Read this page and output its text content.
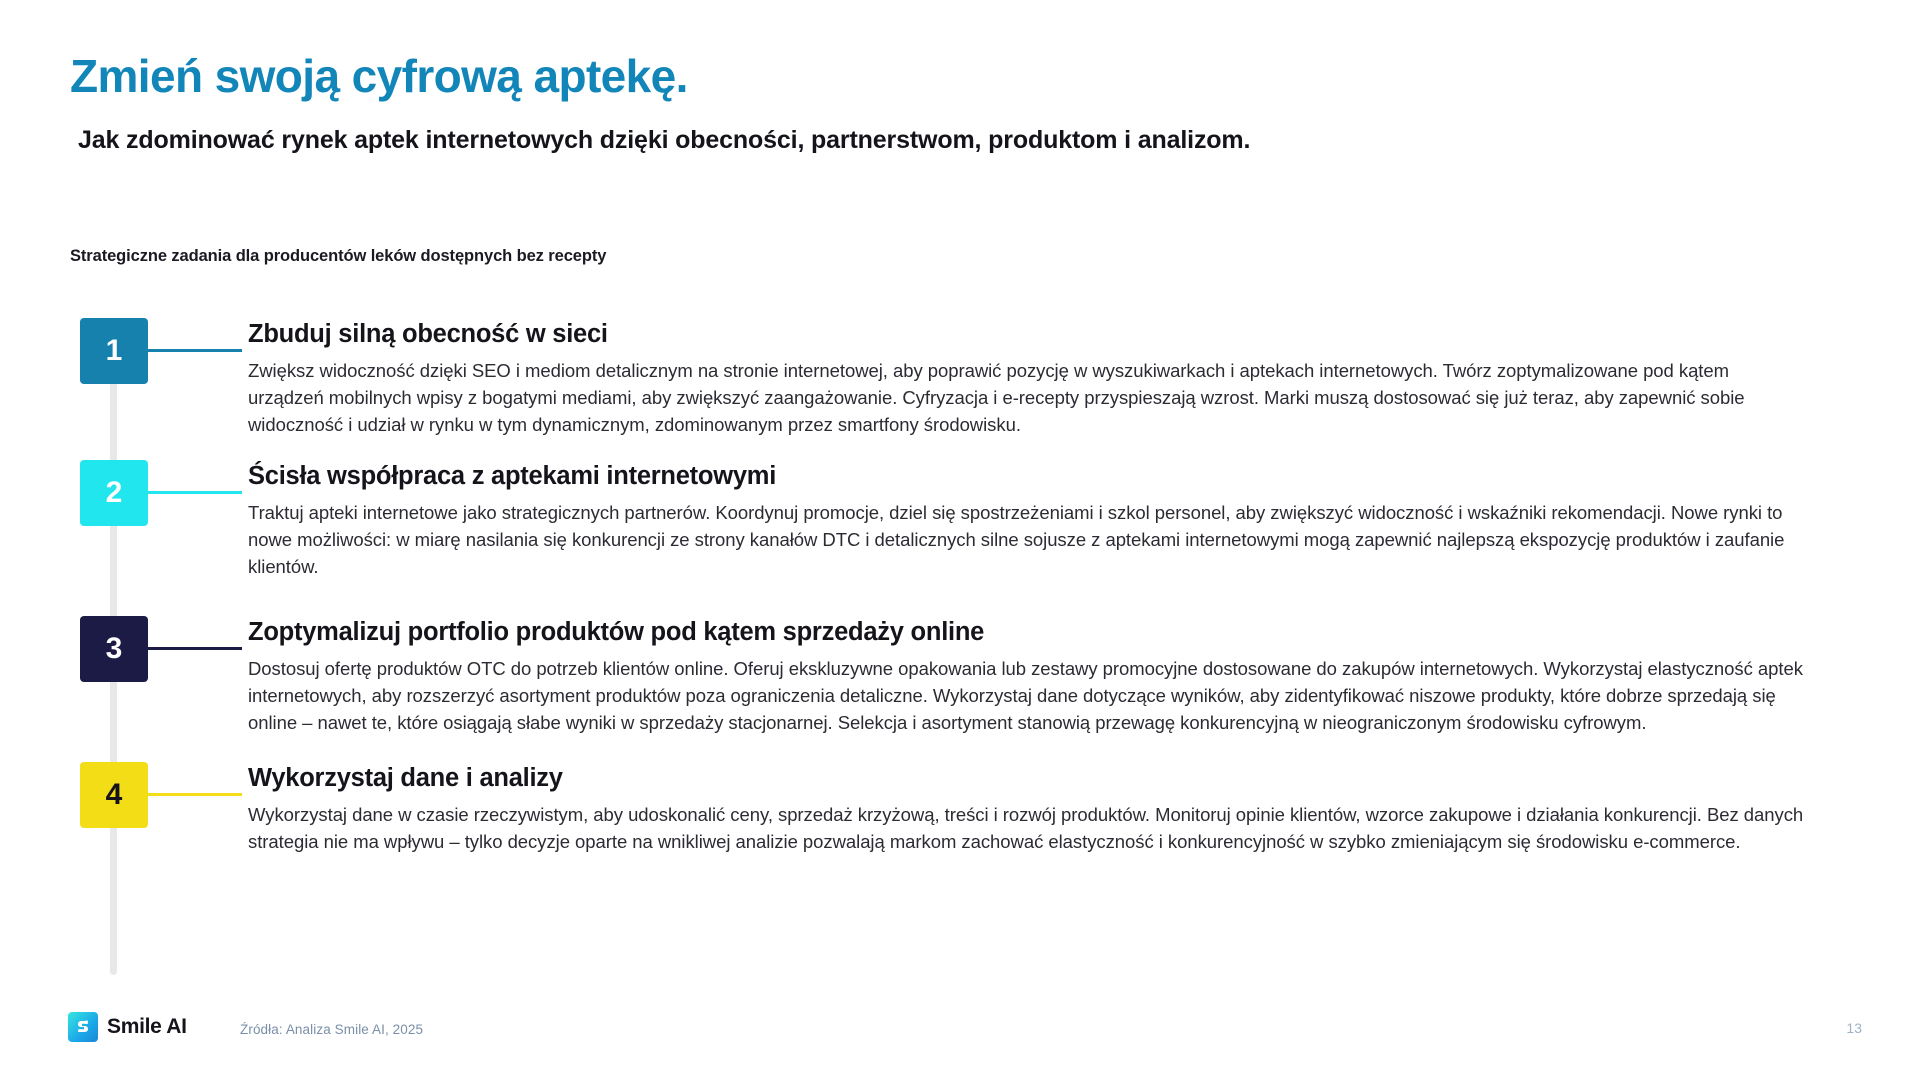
Zmień swoją cyfrową aptekę.
Jak zdominować rynek aptek internetowych dzięki obecności, partnerstwom, produktom i analizom.
Strategiczne zadania dla producentów leków dostępnych bez recepty
1	Zbuduj silną obecność w sieci

Zwiększ widoczność dzięki SEO i mediom detalicznym na stronie internetowej, aby poprawić pozycję w wyszukiwarkach i aptekach internetowych. Twórz zoptymalizowane pod kątem urządzeń mobilnych wpisy z bogatymi mediami, aby zwiększyć zaangażowanie. Cyfryzacja i e-recepty przyspieszają wzrost. Marki muszą dostosować się już teraz, aby zapewnić sobie widoczność i udział w rynku w tym dynamicznym, zdominowanym przez smartfony środowisku.

2	Ścisła współpraca z aptekami internetowymi

Traktuj apteki internetowe jako strategicznych partnerów. Koordynuj promocje, dziel się spostrzeżeniami i szkol personel, aby zwiększyć widoczność i wskaźniki rekomendacji. Nowe rynki to nowe możliwości: w miarę nasilania się konkurencji ze strony kanałów DTC i detalicznych silne sojusze z aptekami internetowymi mogą zapewnić najlepszą ekspozycję produktów i zaufanie klientów.

3	Zoptymalizuj portfolio produktów pod kątem sprzedaży online

Dostosuj ofertę produktów OTC do potrzeb klientów online. Oferuj ekskluzywne opakowania lub zestawy promocyjne dostosowane do zakupów internetowych. Wykorzystaj elastyczność aptek internetowych, aby rozszerzyć asortyment produktów poza ograniczenia detaliczne. Wykorzystaj dane dotyczące wyników, aby zidentyfikować niszowe produkty, które dobrze sprzedają się online – nawet te, które osiągają słabe wyniki w sprzedaży stacjonarnej. Selekcja i asortyment stanowią przewagę konkurencyjną w nieograniczonym środowisku cyfrowym.

4	Wykorzystaj dane i analizy

Wykorzystaj dane w czasie rzeczywistym, aby udoskonalić ceny, sprzedaż krzyżową, treści i rozwój produktów. Monitoruj opinie klientów, wzorce zakupowe i działania konkurencji. Bez danych strategia nie ma wpływu – tylko decyzje oparte na wnikliwej analizie pozwalają markom zachować elastyczność i konkurencyjność w szybko zmieniającym się środowisku e-commerce.

Smile AI	Źródła: Analiza Smile AI, 2025	13
